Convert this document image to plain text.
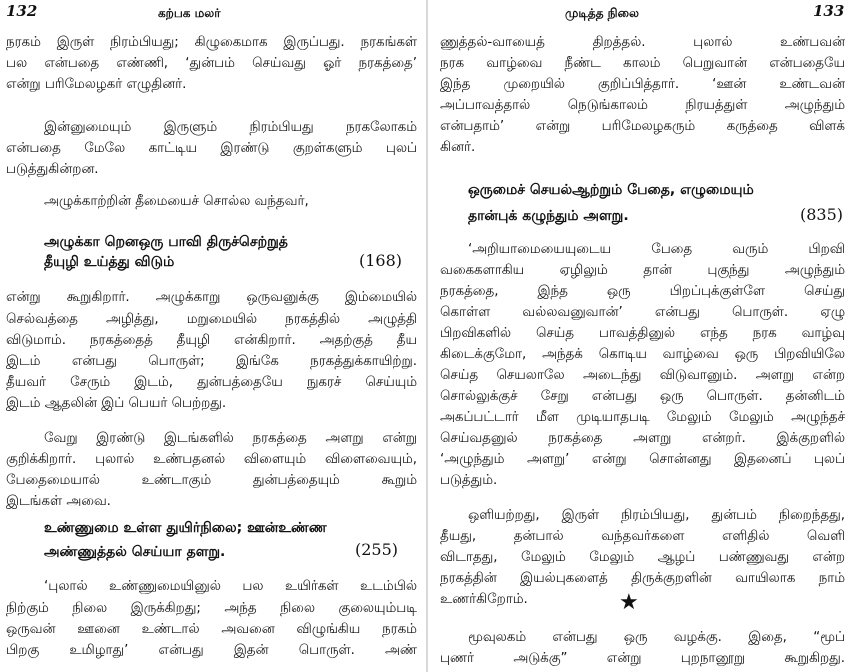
132	கற்பக மலர்
நரகம் இருள் நிரம்பியது; கிழுகைமாக இருப்பது. நரகங்கள்
பல என்பதை எண்ணி, ‘துன்பம் செய்வது ஓர் நரகத்தை’
என்று பரிமேலழகர் எழுதினர்.
இன்னுமையும் இருளும் நிரம்பியது நரகலோகம்
என்பதை மேலே காட்டிய இரண்டு குறள்களும் புலப்
படுத்துகின்றன.
அழுக்காற்றின் தீமையைச் சொல்ல வந்தவர்,
அழுக்கா றெனஒரு பாவி திருச்செற்றுத்
தீயுழி உய்த்து விடும்	(168)
என்று கூறுகிறார். அழுக்காறு ஒருவனுக்கு இம்மையில்
செல்வத்தை அழித்து, மறுமையில் நரகத்தில் அழுத்தி
விடுமாம். நரகத்தைத் தீயுழி என்கிறார். அதற்குத் தீய
இடம் என்பது பொருள்; இங்கே நரகத்துக்காயிற்று.
தீயவர் சேரும் இடம், துன்பத்தையே நுகரச் செய்யும்
இடம் ஆதலின் இப் பெயர் பெற்றது.
வேறு இரண்டு இடங்களில் நரகத்தை அளறு என்று
குறிக்கிறார். புலால் உண்பதனல் விளையும் விளைவையும்,
பேதைமையால்	உண்டாகும்	துன்பத்தையும்	கூறும்
இடங்கள் அவை.
உண்ணுமை உள்ள துயிர்நிலை; ஊன்உண்ண
அண்ணுத்தல் செய்யா தளறு.	(255)
‘புலால் உண்ணுமையினுல் பல உயிர்கள் உடம்பில்
நிற்கும் நிலை இருக்கிறது; அந்த நிலை குலையும்படி
ஒருவன் ஊனை உண்டால் அவனை விழுங்கிய நரகம்
பிறகு உமிழாது’ என்பது இதன் பொருள். அண்
முடித்த நிலை	133
ணுத்தல்-வாயைத்	திறத்தல்.	புலால்	உண்பவன்
நரக வாழ்வை நீண்ட காலம் பெறுவான் என்பதையே
இந்த முறையில் குறிப்பித்தார். ‘ஊன் உண்டவன்
அப்பாவத்தால்	நெடுங்காலம்	நிரயத்துள்	அழுந்தும்
என்பதாம்’ என்று பரிமேலழகரும் கருத்தை விளக்
கினர்.
ஒருமைச் செயல்ஆற்றும் பேதை, எழுமையும்
தான்புக் கழுந்தும் அளறு.	(835)
‘அறியாமையையுடைய	பேதை	வரும்	பிறவி
வகைகளாகிய	ஏழிலும்	தான்	புகுந்து	அழுந்தும்
நரகத்தை,	இந்த	ஒரு	பிறப்புக்குள்ளே	செய்து
கொள்ள வல்லவனுவான்’ என்பது பொருள். ஏழு
பிறவிகளில் செய்த பாவத்தினுல் எந்த நரக வாழ்வு
கிடைக்குமோ, அந்தக் கொடிய வாழ்வை ஒரு பிறவியிலே
செய்த செயலாலே அடைந்து விடுவானும். அளறு என்ற
சொல்லுக்குச் சேறு என்பது ஒரு பொருள். தன்னிடம்
அகப்பட்டார் மீள முடியாதபடி மேலும் மேலும் அழுந்தச்
செய்வதனுல் நரகத்தை அளறு என்றர். இக்குறளில்
‘அழுந்தும் அளறு’ என்று சொன்னது இதனைப் புலப்
படுத்தும்.
ஒளியற்றது, இருள் நிரம்பியது, துன்பம் நிறைந்தது,
தீயது,	தன்பால்	வந்தவர்களை	எளிதில்	வெளி
விடாதது, மேலும் மேலும் ஆழப் பண்ணுவது என்ற
நரகத்தின் இயல்புகளைத் திருக்குறளின் வாயிலாக நாம்
உணர்கிறோம்.	★
மூவுலகம் என்பது ஒரு வழக்கு. இதை, “மூப்
புணர்	அடுக்கு”	என்று	புறநானூறு	கூறுகிறது.
